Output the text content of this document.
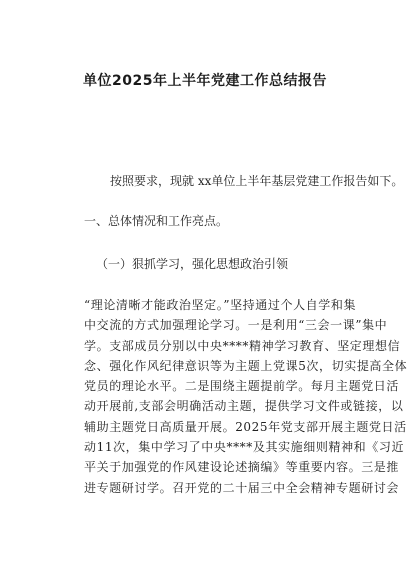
单位2025年上半年党建工作总结报告
按照要求，现就 xx单位上半年基层党建工作报告如下。
一、总体情况和工作亮点。
（一）狠抓学习，强化思想政治引领
“理论清晰才能政治坚定。”坚持通过个人自学和集
中交流的方式加强理论学习。一是利用“三会一课”集中
学。支部成员分别以中央****精神学习教育、坚定理想信
念、强化作风纪律意识等为主题上党课5次，切实提高全体
党员的理论水平。二是围绕主题提前学。每月主题党日活
动开展前,支部会明确活动主题，提供学习文件或链接，以
辅助主题党日高质量开展。2025年党支部开展主题党日活
动11次，集中学习了中央****及其实施细则精神和《习近
平关于加强党的作风建设论述摘编》等重要内容。三是推
进专题研讨学。召开党的二十届三中全会精神专题研讨会
